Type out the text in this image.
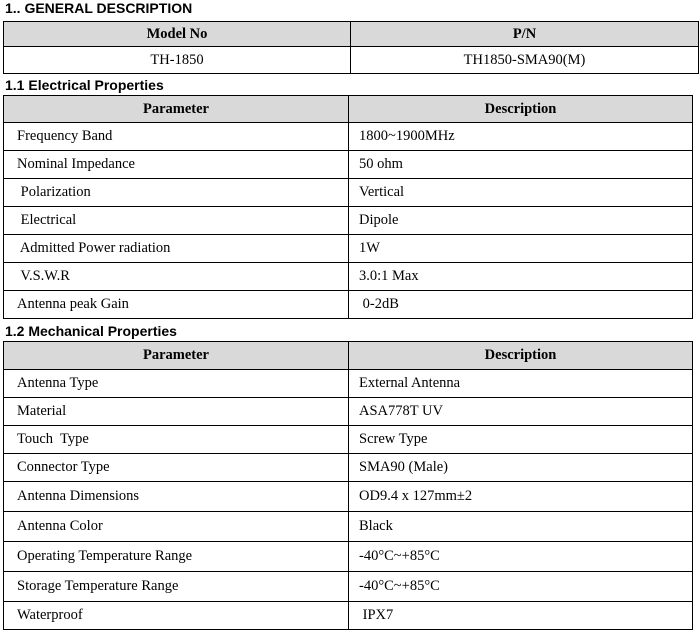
1.. GENERAL DESCRIPTION
Model No	P/N
TH-1850	TH1850-SMA90(M)
1.1 Electrical Properties
Parameter	Description
Frequency Band	1800~1900MHz
Nominal Impedance	50 ohm
Polarization	Vertical
Electrical	Dipole
Admitted Power radiation	1W
V.S.W.R	3.0:1 Max
Antenna peak Gain	0-2dB
1.2 Mechanical Properties
Parameter	Description
Antenna Type	External Antenna
Material	ASA778T UV
Touch  Type	Screw Type
Connector Type	SMA90 (Male)
Antenna Dimensions	OD9.4 x 127mm±2
Antenna Color	Black
Operating Temperature Range	-40°C~+85°C
Storage Temperature Range	-40°C~+85°C
Waterproof	IPX7
